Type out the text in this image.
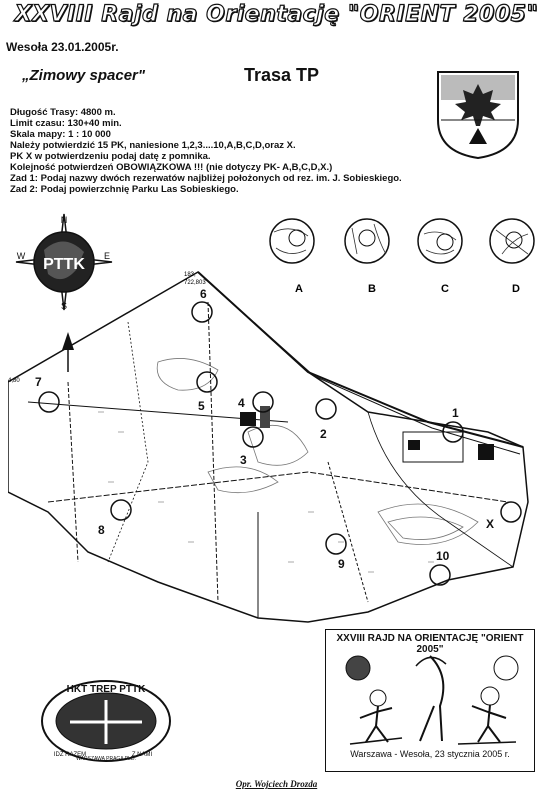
XXVIII Rajd na Orientację "ORIENT 2005"
Wesoła 23.01.2005r.
„Zimowy spacer"	Trasa TP
Długość Trasy: 4800 m.
Limit czasu: 130+40 min.
Skala mapy: 1 : 10 000
Należy potwierdzić 15 PK, naniesione 1,2,3....10,A,B,C,D,oraz X.
PK X w potwierdzeniu podaj datę z pomnika.
Kolejność potwierdzeń OBOWIĄZKOWA !!! (nie dotyczy PK- A,B,C,D,X.)
Zad 1: Podaj nazwy dwóch rezerwatów najbliżej położonych od rez. im. J. Sobieskiego.
Zad 2: Podaj powierzchnię Parku Las Sobieskiego.
PTTK
N
S
E
W
A	B	C	D
183,
722,803
4,80
1
2
3
4
5
6
7
8
9
10
X
XXVIII RAJD NA ORIENTACJĘ "ORIENT 2005"
Warszawa - Wesoła, 23 stycznia 2005 r.
HKT TREP PTTK
IDŹ RAZEM
WARSZAWA PRAGA PŁD.
Z NAMI
Opr. Wojciech Drozda
